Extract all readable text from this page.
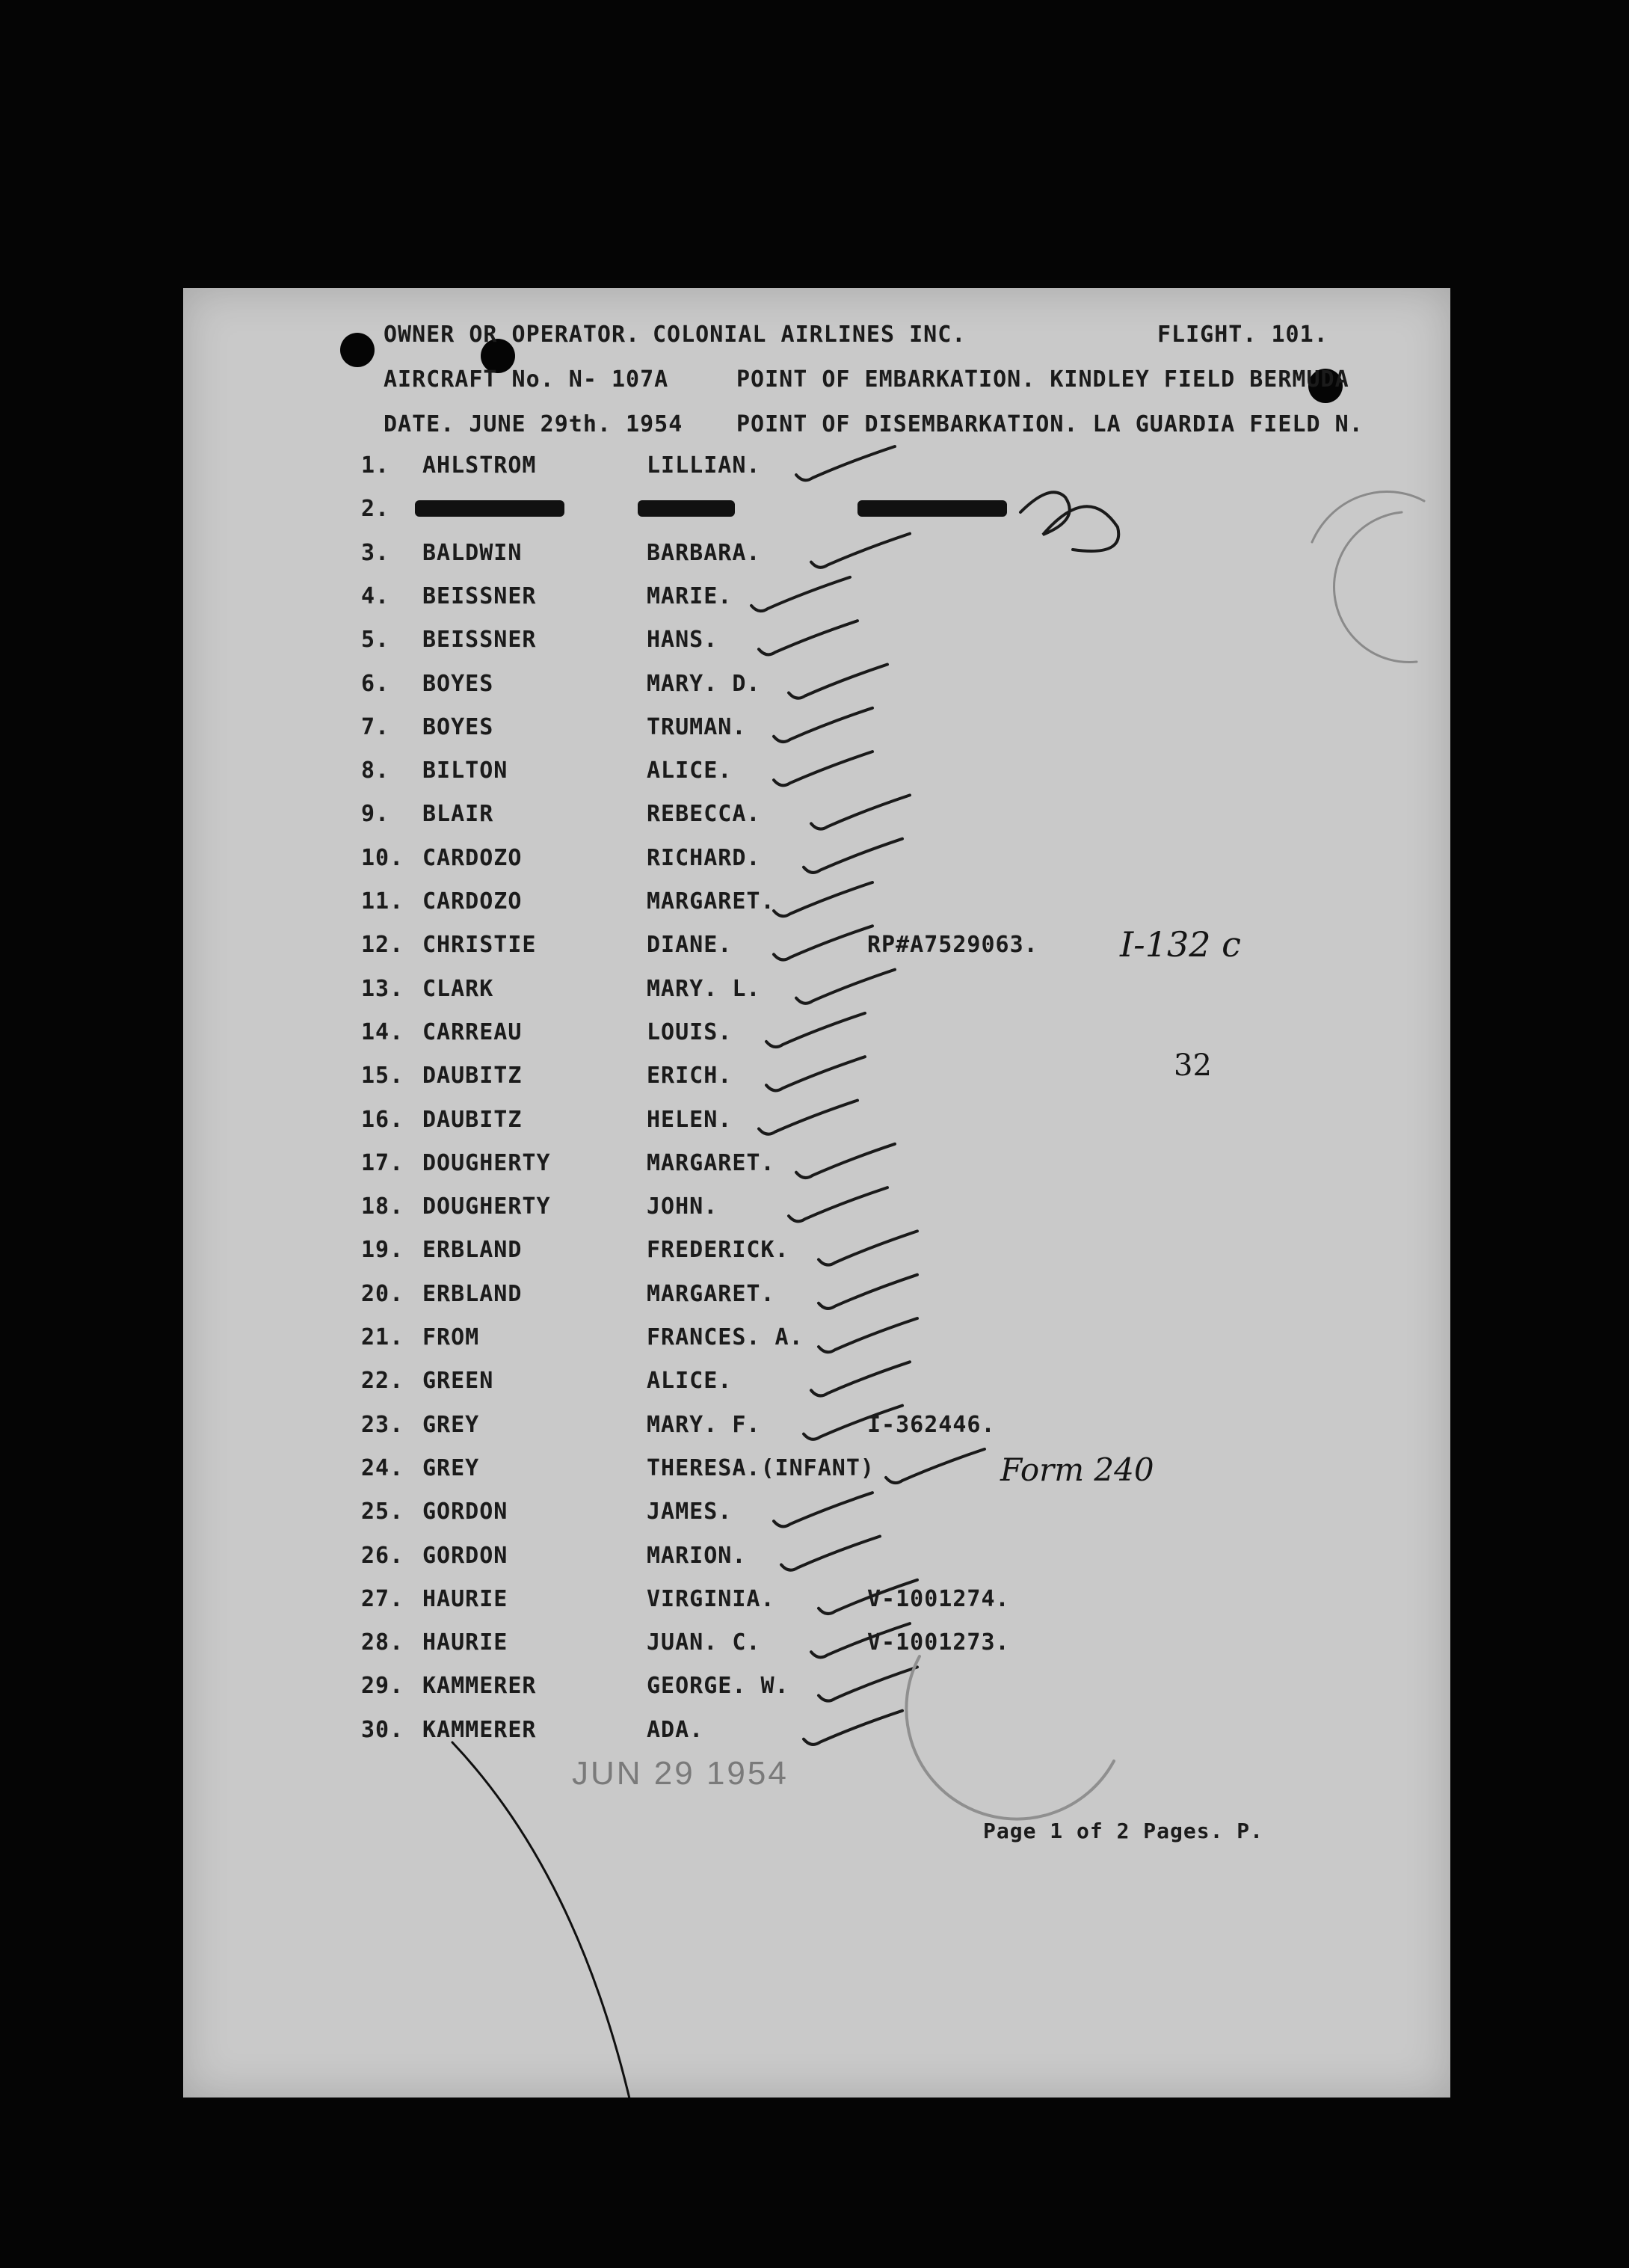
OWNER OR OPERATOR. COLONIAL AIRLINES INC.	FLIGHT. 101.
AIRCRAFT No. N- 107A	POINT OF EMBARKATION. KINDLEY FIELD BERMUDA
DATE. JUNE 29th. 1954 POINT OF DISEMBARKATION. LA GUARDIA FIELD N.
1. AHLSTROM	LILLIAN.
2.
3. BALDWIN	BARBARA.
4. BEISSNER	MARIE.
5. BEISSNER	HANS.
6. BOYES	MARY. D.
7. BOYES	TRUMAN.
8. BILTON	ALICE.
9. BLAIR	REBECCA.
10. CARDOZO	RICHARD.
11. CARDOZO	MARGARET.
12. CHRISTIE	DIANE.	RP#A7529063.
13. CLARK	MARY. L.
14. CARREAU	LOUIS.
15. DAUBITZ	ERICH.
16. DAUBITZ	HELEN.
17. DOUGHERTY	MARGARET.
18. DOUGHERTY	JOHN.
19. ERBLAND	FREDERICK.
20. ERBLAND	MARGARET.
21. FROM	FRANCES. A.
22. GREEN	ALICE.
23. GREY	MARY. F.	I-362446.
24. GREY	THERESA.(INFANT)
25. GORDON	JAMES.
26. GORDON	MARION.
27. HAURIE	VIRGINIA.	V-1001274.
28. HAURIE	JUAN. C.	V-1001273.
29. KAMMERER	GEORGE. W.
30. KAMMERER	ADA.
I-132 c
32
Form 240
JUN 29 1954
Page 1 of 2 Pages. P.
